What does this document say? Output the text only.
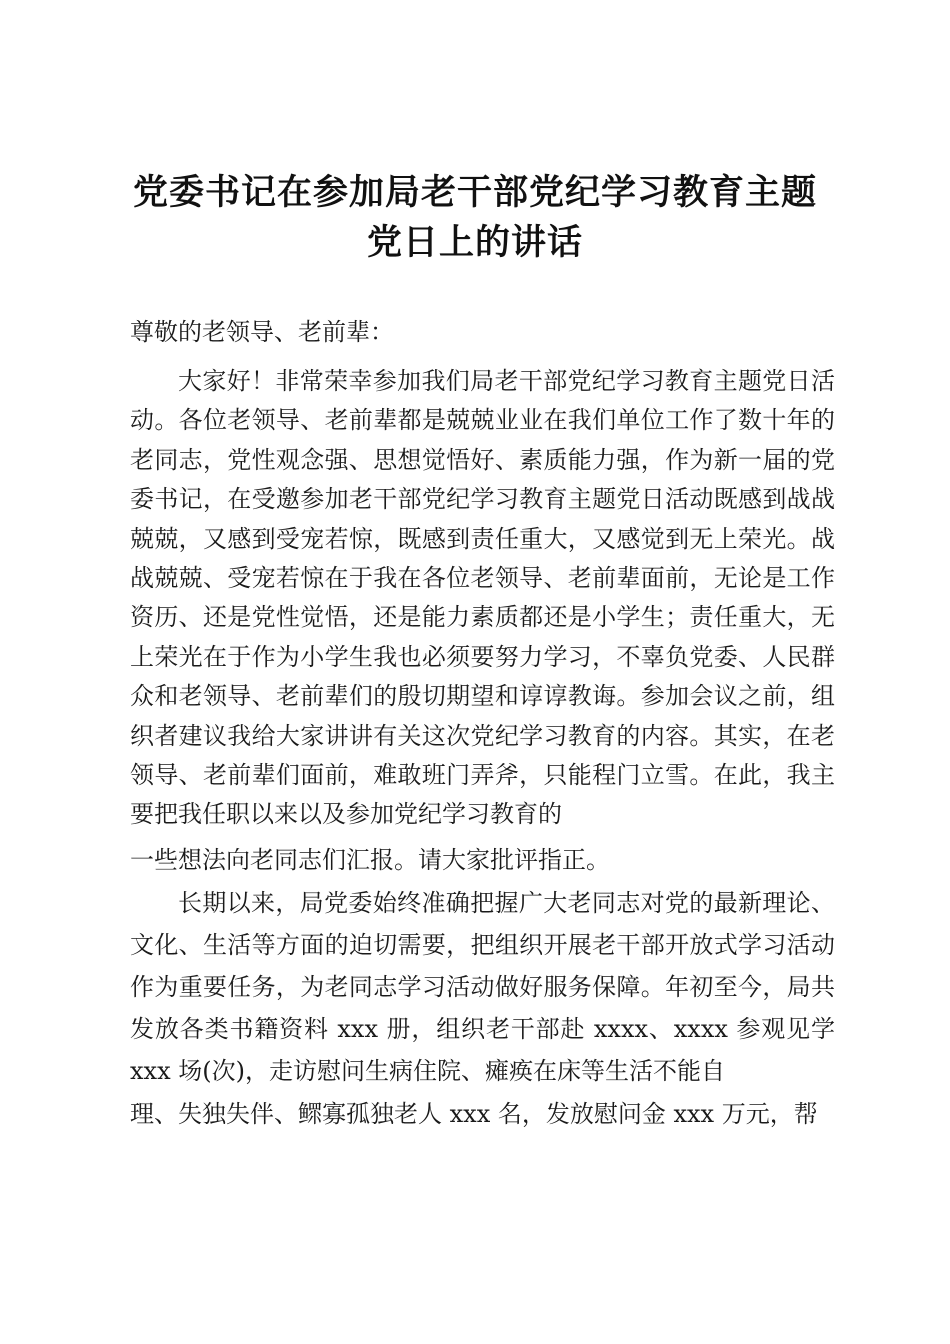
党委书记在参加局老干部党纪学习教育主题党日上的讲话
尊敬的老领导、老前辈：
大家好！非常荣幸参加我们局老干部党纪学习教育主题党日活动。各位老领导、老前辈都是兢兢业业在我们单位工作了数十年的老同志，党性观念强、思想觉悟好、素质能力强，作为新一届的党委书记，在受邀参加老干部党纪学习教育主题党日活动既感到战战兢兢，又感到受宠若惊，既感到责任重大，又感觉到无上荣光。战战兢兢、受宠若惊在于我在各位老领导、老前辈面前，无论是工作资历、还是党性觉悟，还是能力素质都还是小学生；责任重大，无上荣光在于作为小学生我也必须要努力学习，不辜负党委、人民群众和老领导、老前辈们的殷切期望和谆谆教诲。参加会议之前，组织者建议我给大家讲讲有关这次党纪学习教育的内容。其实，在老领导、老前辈们面前，难敢班门弄斧，只能程门立雪。在此，我主要把我任职以来以及参加党纪学习教育的
一些想法向老同志们汇报。请大家批评指正。
长期以来，局党委始终准确把握广大老同志对党的最新理论、文化、生活等方面的迫切需要，把组织开展老干部开放式学习活动作为重要任务，为老同志学习活动做好服务保障。年初至今，局共发放各类书籍资料 xxx 册，组织老干部赴 xxxx、xxxx 参观见学 xxx 场(次)，走访慰问生病住院、瘫痪在床等生活不能自
理、失独失伴、鳏寡孤独老人 xxx 名，发放慰问金 xxx 万元，帮
